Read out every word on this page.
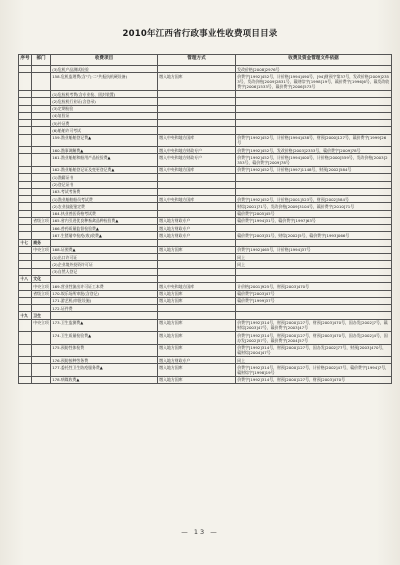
2010年江西省行政事业性收费项目目录
序号	部门	收费项目	管理方式	收费及资金管理文件依据
		(3)危机产品测试检验		发改价格[2008]2976号
		158.危机监理费(含"九·二"共振抗机硬设备)	缴入地方国库	价费字[1992]452号，计价格[1994]490号，[94]财预字第37号，发改价格[2009]2353号，发改价格[2009]2831号，赣财综字[1998]19号，赣价费字[1996]6号，赣发改收费字[2006]1533号，赣价费字[2006]573号
		(1)危检机考费(含专业检、固封装置)		
		(2)危检机行业证(含登录)		
		(3)定期检验		
		(4)复验证		
		(5)补证费		
		(6)船舶许可考试		
		159.渔业船舶登记费▲	缴入中央和地方国库	价费字[1992]452号，计价格[1994]438号，财预[2000]127号，赣价费字[1999]26号
		160.渔事调解费▲	缴入中央和地方财政专户	价费字[1992]452号，发改价格[2003]2353号，赣价费字[2009]78号
		161.渔业船舶和船用产品检验费▲	缴入中央和地方财政专户	价费字[1992]452号，计价格[1994]400号，计价格[2000]559号，发改价格[2003]2353号，赣价费字[2009]78号
		162.渔业船舶登记证及变更登记费▲	缴入中央和地方国库	价费字[1992]452号，计价格[1997]1148号，财预[2002]584号
		(1)渔籍证书		
		(2)登记证书		
		163.考试考务费		
		(1)渔业船舶船员考试费	缴入中央和地方国库	价费字[1992]452号，计价格[2001]523号，财预[2002]584号
		(2)农业技能鉴定费		财综[2001]71号，发改价格[2009]3104号，赣价费字[2010]71号
		164.执业兽医资格考试费		赣价费字[2005]45号
	省级立项	165.省内引进优良种畜禽品种检验费▲	缴入地方财政专户	赣价费字[1994]31号，赣价费字[1997]63号
		166.兽药质量监督检验费▲	缴入地方财政专户	
		167.生猪屠宰检疫(收)收费▲	缴入地方财政专户	赣价费字[2003]31号，财综[2002]5号，赣价费字[1993]066号
十七	商务			
	中央立项	168.证照费▲	缴入地方国库	价费字[1992]465号，计价格[1994]37号
		(1)出口许可证		同上
		(2)企业境外投资许可证		同上
		(3)自然人登记		
十八	文化			
	中央立项	169.营业性演出许可证工本费	缴入中央和地方国库	计价格[2001]925号，财预[2003]470号
	省级立项	170.娱乐场所审批(含登记)	缴入地方国库	赣价费字[2003]47号
		171.游艺机(审批设施)	缴入地方国库	赣价费字[1999]37号
		172.证件费		
十九	卫生			
	中央立项	173.卫生监测费▲	缴入地方国库	价费字[1992]314号，财预[2000]127号，财预[2003]470号，国办发[2002]7号，赣财综[2003]47号，赣价费字[2003]47号
		174.卫生质量检验费▲	缴入地方国库	价费字[1992]314号，财预[2000]127号，财预[2003]470号，国办发[2002]4号，国办发[2002]57号，赣价费字[2004]57号
		175.预防性体检费	缴入地方国库	价费字[1992]314号，财预[2000]127号，国办发[2002]77号，财预[2003]470号，赣财综[2004]47号
		176.预防接种劳务费	缴入地方财政专户	同上
		177.委托性卫生防疫服务费▲	缴入地方国库	价费字[1992]314号，财预[2000]127号，计价格[2002]47号，赣价费字[1994]7号，赣财综字[1998]19号
		178.病媒收费▲	缴入地方国库	价费字[1992]314号，财预[2000]127号，财预[2003]470号
— 13 —
